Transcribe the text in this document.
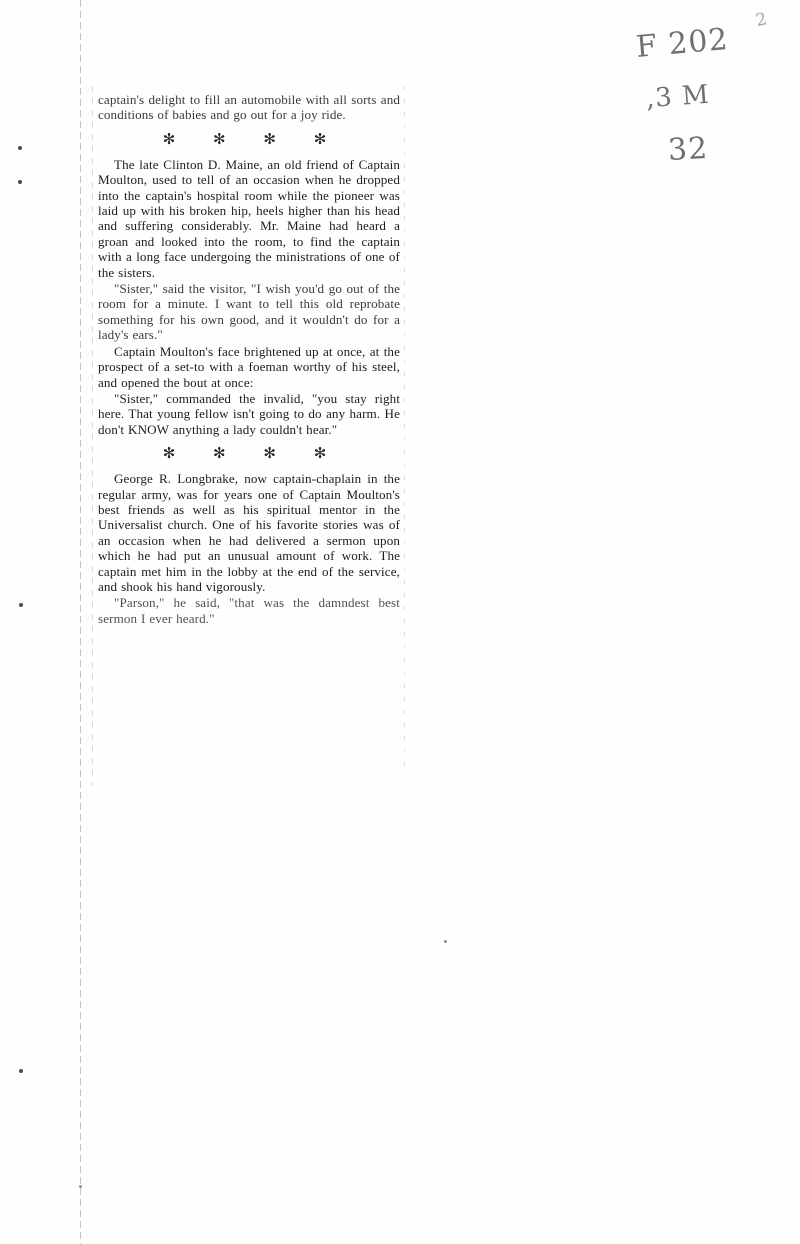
F 202
,3 M
32
2

captain's delight to fill an automobile with all sorts and conditions of babies and go out for a joy ride.

✻ ✻ ✻ ✻

The late Clinton D. Maine, an old friend of Captain Moulton, used to tell of an occasion when he dropped into the captain's hospital room while the pioneer was laid up with his broken hip, heels higher than his head and suffering considerably. Mr. Maine had heard a groan and looked into the room, to find the captain with a long face undergoing the ministrations of one of the sisters.

"Sister," said the visitor, "I wish you'd go out of the room for a minute. I want to tell this old reprobate something for his own good, and it wouldn't do for a lady's ears."

Captain Moulton's face brightened up at once, at the prospect of a set-to with a foeman worthy of his steel, and opened the bout at once:

"Sister," commanded the invalid, "you stay right here. That young fellow isn't going to do any harm. He don't KNOW anything a lady couldn't hear."

✻ ✻ ✻ ✻

George R. Longbrake, now captain-chaplain in the regular army, was for years one of Captain Moulton's best friends as well as his spiritual mentor in the Universalist church. One of his favorite stories was of an occasion when he had delivered a sermon upon which he had put an unusual amount of work. The captain met him in the lobby at the end of the service, and shook his hand vigorously.

"Parson," he said, "that was the damndest best sermon I ever heard."
